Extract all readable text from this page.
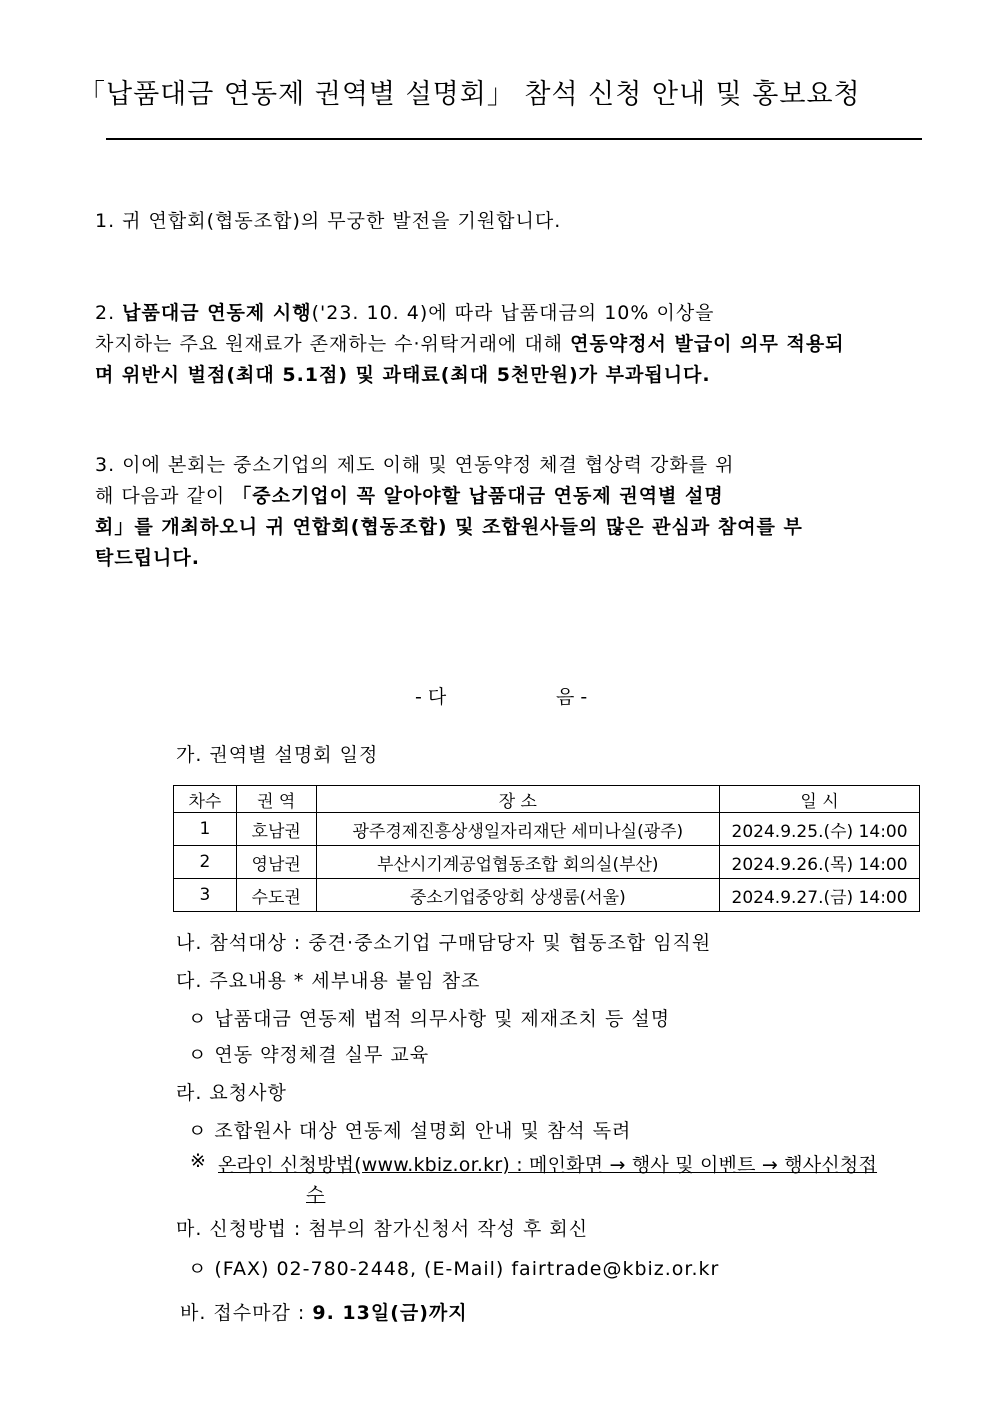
「납품대금 연동제 권역별 설명회」 참석 신청 안내 및 홍보요청
1. 귀 연합회(협동조합)의 무궁한 발전을 기원합니다.
2. 납품대금 연동제 시행('23. 10. 4)에 따라 납품대금의 10% 이상을
차지하는 주요 원재료가 존재하는 수·위탁거래에 대해 연동약정서 발급이 의무 적용되
며 위반시 벌점(최대 5.1점) 및 과태료(최대 5천만원)가 부과됩니다.
3. 이에 본회는 중소기업의 제도 이해 및 연동약정 체결 협상력 강화를 위
해 다음과 같이 「중소기업이 꼭 알아야할 납품대금 연동제 권역별 설명
회」를 개최하오니 귀 연합회(협동조합) 및 조합원사들의 많은 관심과 참여를 부
탁드립니다.
- 다	음 -
가. 권역별 설명회 일정
차수	권 역	장 소	일 시
1	호남권	광주경제진흥상생일자리재단 세미나실(광주)	2024.9.25.(수) 14:00
2	영남권	부산시기계공업협동조합 회의실(부산)	2024.9.26.(목) 14:00
3	수도권	중소기업중앙회 상생룸(서울)	2024.9.27.(금) 14:00
나. 참석대상 : 중견·중소기업 구매담당자 및 협동조합 임직원
다. 주요내용 * 세부내용 붙임 참조
ㅇ 납품대금 연동제 법적 의무사항 및 제재조치 등 설명
ㅇ 연동 약정체결 실무 교육
라. 요청사항
ㅇ 조합원사 대상 연동제 설명회 안내 및 참석 독려
※ 온라인 신청방법(www.kbiz.or.kr) : 메인화면 → 행사 및 이벤트 → 행사신청접
수
마. 신청방법 : 첨부의 참가신청서 작성 후 회신
ㅇ (FAX) 02-780-2448, (E-Mail) fairtrade@kbiz.or.kr
바. 접수마감 : 9. 13일(금)까지
